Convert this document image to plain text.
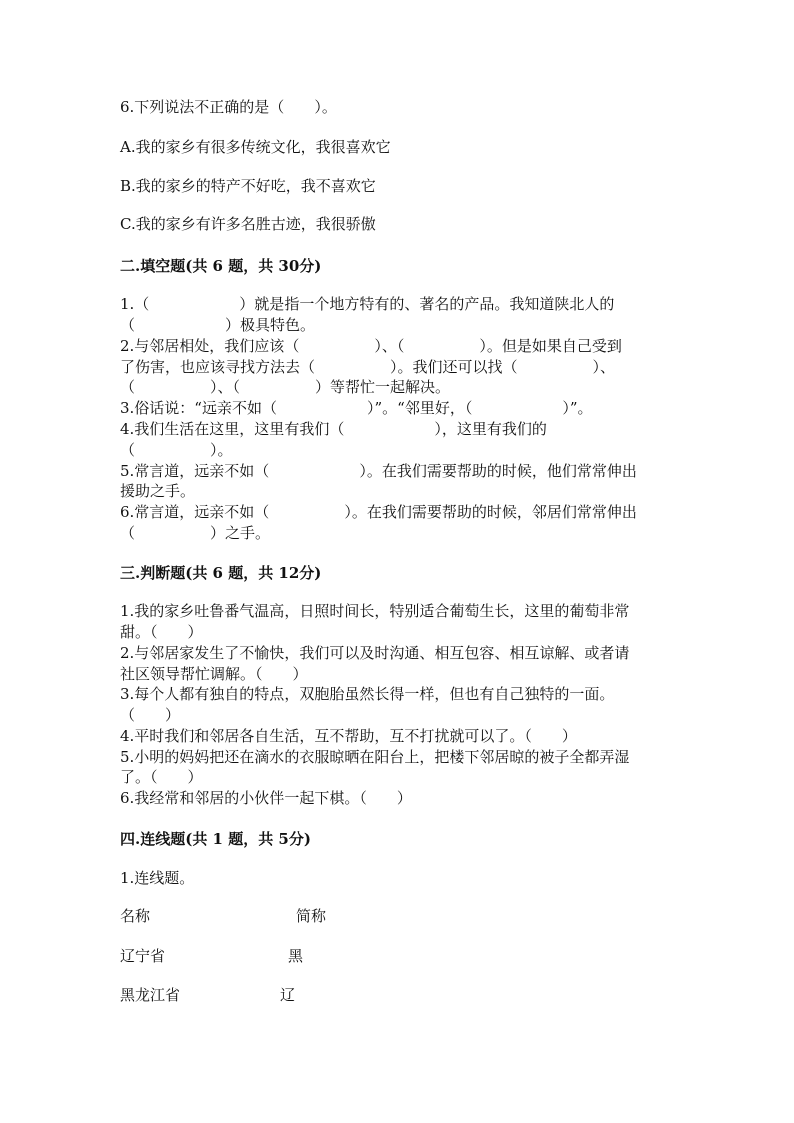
6.下列说法不正确的是（　　）。
A.我的家乡有很多传统文化，我很喜欢它
B.我的家乡的特产不好吃，我不喜欢它
C.我的家乡有许多名胜古迹，我很骄傲
二.填空题(共 6 题，共 30分)
1.（　　　　　　）就是指一个地方特有的、著名的产品。我知道陕北人的
（　　　　　　）极具特色。
2.与邻居相处，我们应该（　　　　　）、（　　　　　）。但是如果自己受到
了伤害，也应该寻找方法去（　　　　　）。我们还可以找（　　　　　）、
（　　　　　）、（　　　　　）等帮忙一起解决。
3.俗话说：“远亲不如（　　　　　　）”。“邻里好，（　　　　　　）”。
4.我们生活在这里，这里有我们（　　　　　　），这里有我们的
（　　　　　）。
5.常言道，远亲不如（　　　　　　）。在我们需要帮助的时候，他们常常伸出
援助之手。
6.常言道，远亲不如（　　　　　）。在我们需要帮助的时候，邻居们常常伸出
（　　　　　）之手。
三.判断题(共 6 题，共 12分)
1.我的家乡吐鲁番气温高，日照时间长，特别适合葡萄生长，这里的葡萄非常
甜。（　　）
2.与邻居家发生了不愉快，我们可以及时沟通、相互包容、相互谅解、或者请
社区领导帮忙调解。（　　）
3.每个人都有独自的特点，双胞胎虽然长得一样，但也有自己独特的一面。
（　　）
4.平时我们和邻居各自生活，互不帮助，互不打扰就可以了。（　　）
5.小明的妈妈把还在滴水的衣服晾晒在阳台上，把楼下邻居晾的被子全都弄湿
了。（　　）
6.我经常和邻居的小伙伴一起下棋。（　　）
四.连线题(共 1 题，共 5分)
1.连线题。
名称	简称
辽宁省	黑
黑龙江省	辽
